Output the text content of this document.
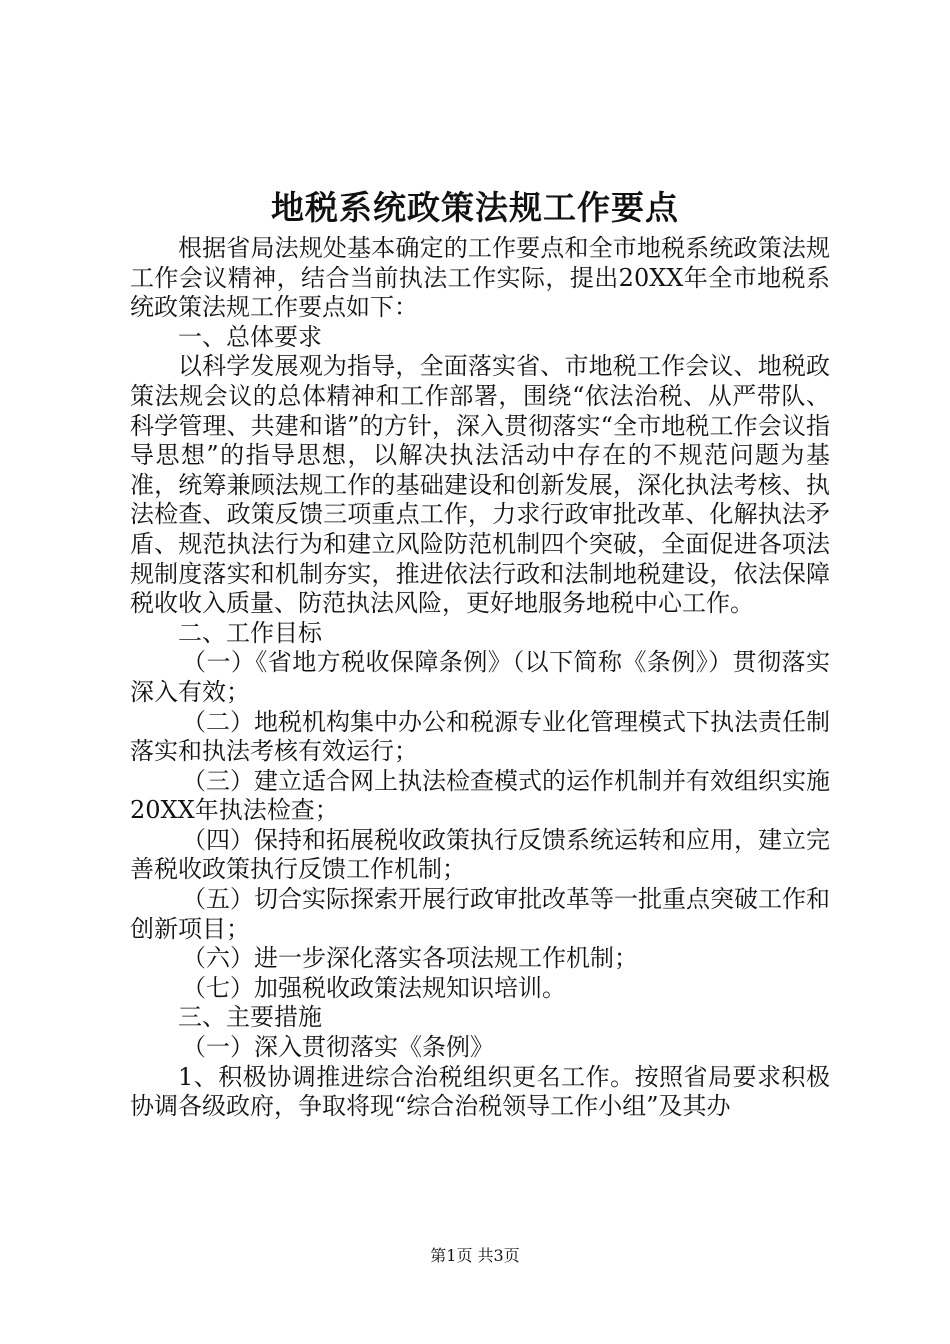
地税系统政策法规工作要点

根据省局法规处基本确定的工作要点和全市地税系统政策法规工作会议精神，结合当前执法工作实际，提出20XX年全市地税系统政策法规工作要点如下：

一、总体要求

以科学发展观为指导，全面落实省、市地税工作会议、地税政策法规会议的总体精神和工作部署，围绕“依法治税、从严带队、科学管理、共建和谐”的方针，深入贯彻落实“全市地税工作会议指导思想”的指导思想，以解决执法活动中存在的不规范问题为基准，统筹兼顾法规工作的基础建设和创新发展，深化执法考核、执法检查、政策反馈三项重点工作，力求行政审批改革、化解执法矛盾、规范执法行为和建立风险防范机制四个突破，全面促进各项法规制度落实和机制夯实，推进依法行政和法制地税建设，依法保障税收收入质量、防范执法风险，更好地服务地税中心工作。

二、工作目标

（一）《省地方税收保障条例》（以下简称《条例》）贯彻落实深入有效；

（二）地税机构集中办公和税源专业化管理模式下执法责任制落实和执法考核有效运行；

（三）建立适合网上执法检查模式的运作机制并有效组织实施20XX年执法检查；

（四）保持和拓展税收政策执行反馈系统运转和应用，建立完善税收政策执行反馈工作机制；

（五）切合实际探索开展行政审批改革等一批重点突破工作和创新项目；

（六）进一步深化落实各项法规工作机制；

（七）加强税收政策法规知识培训。

三、主要措施

（一）深入贯彻落实《条例》

1、积极协调推进综合治税组织更名工作。按照省局要求积极协调各级政府，争取将现“综合治税领导工作小组”及其办

第1页 共3页
